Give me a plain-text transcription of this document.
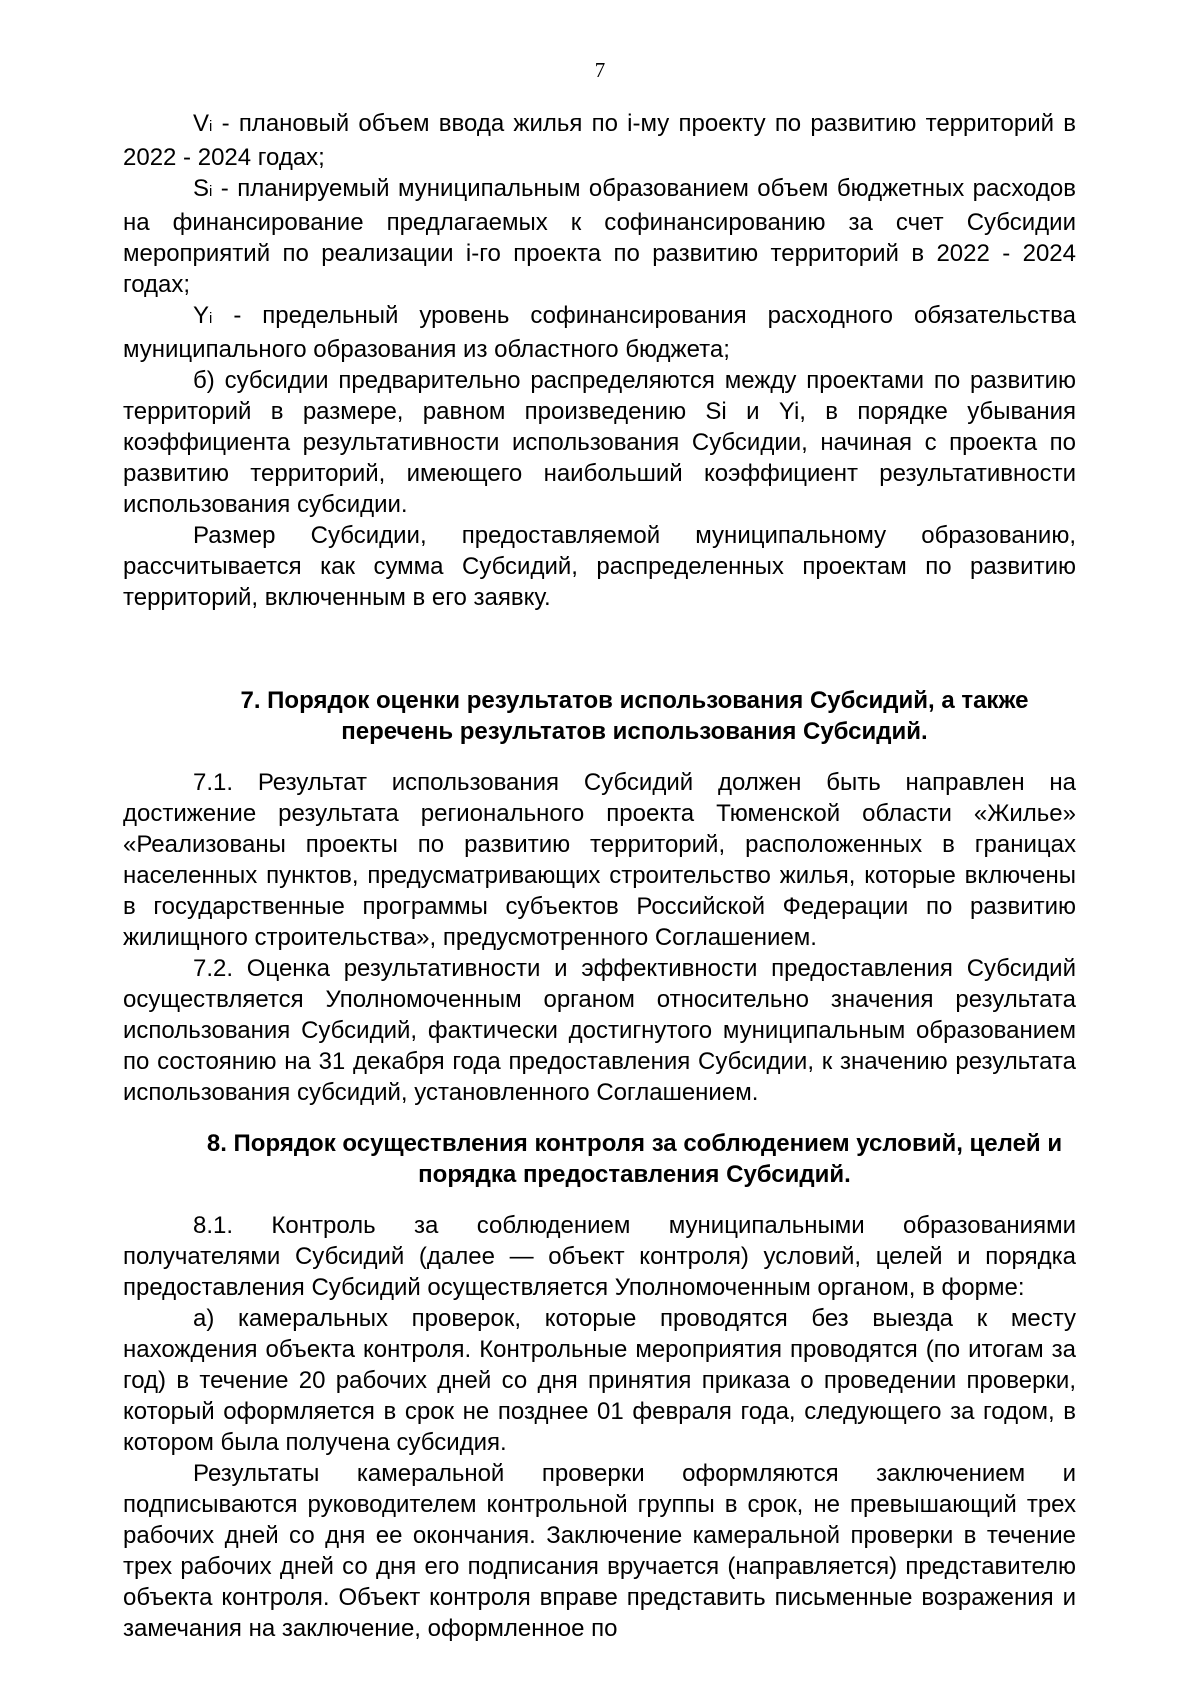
7

Vi - плановый объем ввода жилья по i-му проекту по развитию территорий в 2022 - 2024 годах;

Si - планируемый муниципальным образованием объем бюджетных расходов на финансирование предлагаемых к софинансированию за счет Субсидии мероприятий по реализации i-го проекта по развитию территорий в 2022 - 2024 годах;

Yi - предельный уровень софинансирования расходного обязательства муниципального образования из областного бюджета;

б) субсидии предварительно распределяются между проектами по развитию территорий в размере, равном произведению Si и Yi, в порядке убывания коэффициента результативности использования Субсидии, начиная с проекта по развитию территорий, имеющего наибольший коэффициент результативности использования субсидии.

Размер Субсидии, предоставляемой муниципальному образованию, рассчитывается как сумма Субсидий, распределенных проектам по развитию территорий, включенным в его заявку.

7. Порядок оценки результатов использования Субсидий, а также
перечень результатов использования Субсидий.

7.1. Результат использования Субсидий должен быть направлен на достижение результата регионального проекта Тюменской области «Жилье» «Реализованы проекты по развитию территорий, расположенных в границах населенных пунктов, предусматривающих строительство жилья, которые включены в государственные программы субъектов Российской Федерации по развитию жилищного строительства», предусмотренного Соглашением.

7.2. Оценка результативности и эффективности предоставления Субсидий осуществляется Уполномоченным органом относительно значения результата использования Субсидий, фактически достигнутого муниципальным образованием по состоянию на 31 декабря года предоставления Субсидии, к значению результата использования субсидий, установленного Соглашением.

8. Порядок осуществления контроля за соблюдением условий, целей и
порядка предоставления Субсидий.

8.1. Контроль за соблюдением муниципальными образованиями получателями Субсидий (далее — объект контроля) условий, целей и порядка предоставления Субсидий осуществляется Уполномоченным органом, в форме:

а) камеральных проверок, которые проводятся без выезда к месту нахождения объекта контроля. Контрольные мероприятия проводятся (по итогам за год) в течение 20 рабочих дней со дня принятия приказа о проведении проверки, который оформляется в срок не позднее 01 февраля года, следующего за годом, в котором была получена субсидия.

Результаты камеральной проверки оформляются заключением и подписываются руководителем контрольной группы в срок, не превышающий трех рабочих дней со дня ее окончания. Заключение камеральной проверки в течение трех рабочих дней со дня его подписания вручается (направляется) представителю объекта контроля. Объект контроля вправе представить письменные возражения и замечания на заключение, оформленное по
